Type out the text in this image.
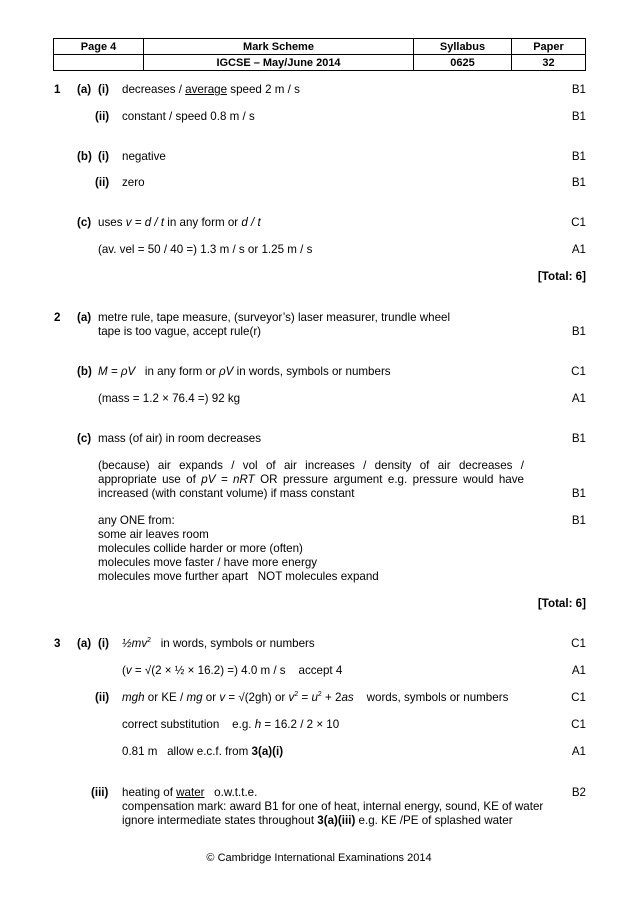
Page 4	Mark Scheme	Syllabus	Paper
	IGCSE – May/June 2014	0625	32
1 (a) (i) decreases / average speed 2 m / s	B1
(ii) constant / speed 0.8 m / s	B1
(b) (i) negative	B1
(ii) zero	B1
(c) uses v = d / t in any form or d / t	C1
(av. vel = 50 / 40 =) 1.3 m / s or 1.25 m / s	A1
[Total: 6]
2 (a) metre rule, tape measure, (surveyor’s) laser measurer, trundle wheel
tape is too vague, accept rule(r)	B1
(b) M = ρV   in any form or ρV in words, symbols or numbers	C1
(mass = 1.2 × 76.4 =) 92 kg	A1
(c) mass (of air) in room decreases	B1
(because) air expands / vol of air increases / density of air decreases /
appropriate use of pV = nRT OR pressure argument e.g. pressure would have
increased (with constant volume) if mass constant	B1
any ONE from:	B1
some air leaves room
molecules collide harder or more (often)
molecules move faster / have more energy
molecules move further apart   NOT molecules expand
[Total: 6]
3 (a) (i) $\frac{1}{2}mv^2$   in words, symbols or numbers	C1
(v = √(2 × ½ × 16.2) =) 4.0 m / s    accept 4	A1
(ii) mgh or KE / mg or v = √(2gh) or $v^2 = u^2 + 2as$    words, symbols or numbers	C1
correct substitution    e.g. h = 16.2 / 2 × 10	C1
0.81 m   allow e.c.f. from 3(a)(i)	A1
(iii) heating of water   o.w.t.t.e.	B2
compensation mark: award B1 for one of heat, internal energy, sound, KE of water
ignore intermediate states throughout 3(a)(iii) e.g. KE /PE of splashed water
© Cambridge International Examinations 2014
